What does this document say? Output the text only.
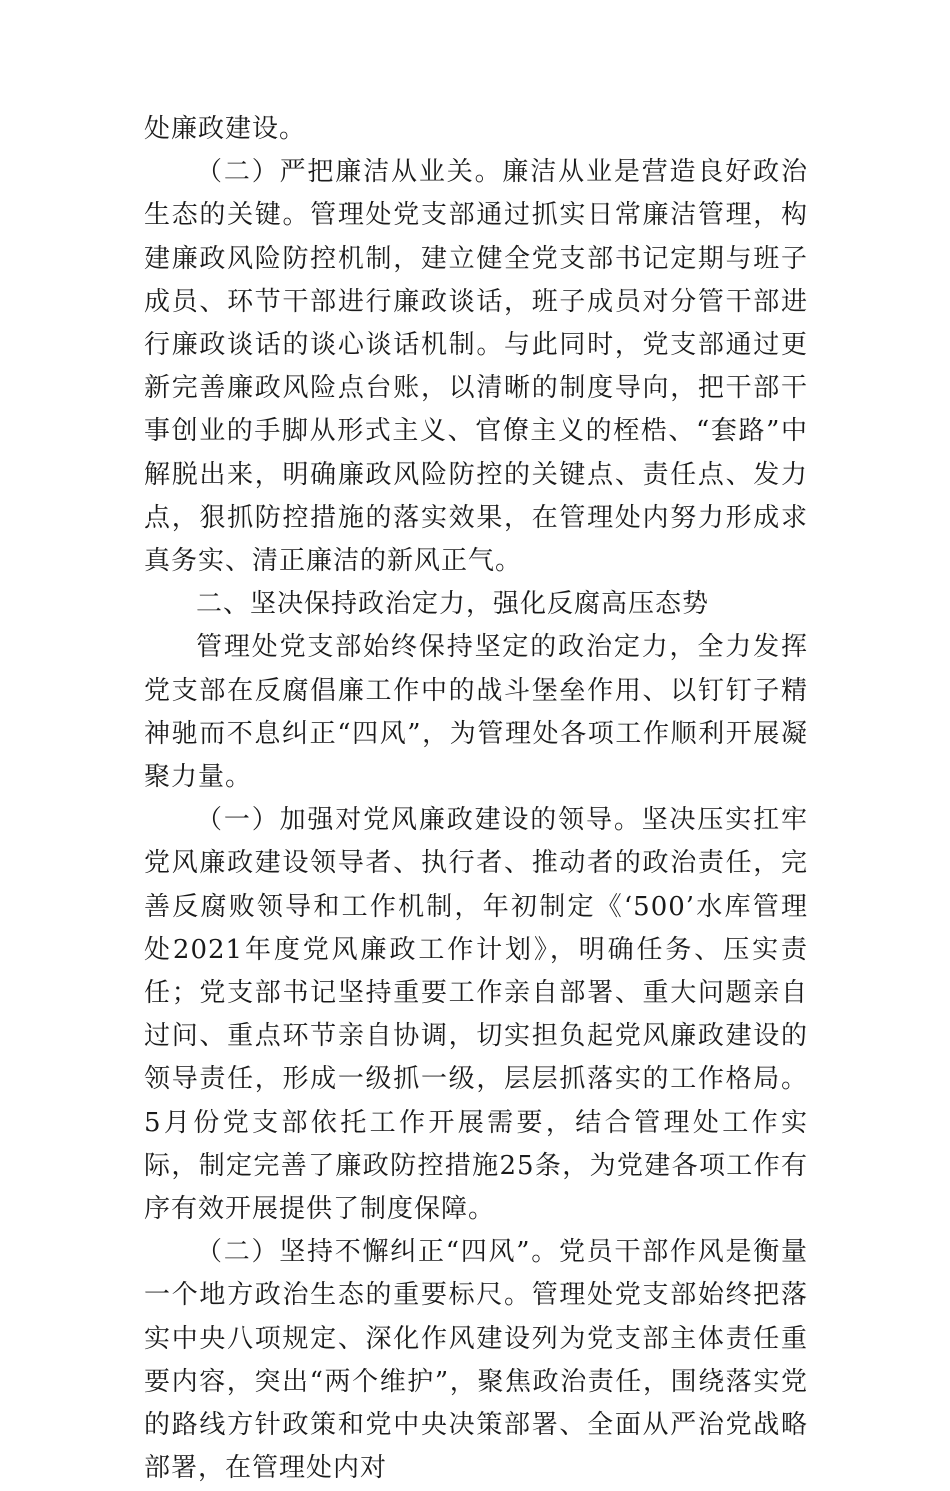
处廉政建设。

（二）严把廉洁从业关。廉洁从业是营造良好政治生态的关键。管理处党支部通过抓实日常廉洁管理，构建廉政风险防控机制，建立健全党支部书记定期与班子成员、环节干部进行廉政谈话，班子成员对分管干部进行廉政谈话的谈心谈话机制。与此同时，党支部通过更新完善廉政风险点台账，以清晰的制度导向，把干部干事创业的手脚从形式主义、官僚主义的桎梏、“套路”中解脱出来，明确廉政风险防控的关键点、责任点、发力点，狠抓防控措施的落实效果，在管理处内努力形成求真务实、清正廉洁的新风正气。

二、坚决保持政治定力，强化反腐高压态势

管理处党支部始终保持坚定的政治定力，全力发挥党支部在反腐倡廉工作中的战斗堡垒作用、以钉钉子精神驰而不息纠正“四风”，为管理处各项工作顺利开展凝聚力量。

（一）加强对党风廉政建设的领导。坚决压实扛牢党风廉政建设领导者、执行者、推动者的政治责任，完善反腐败领导和工作机制，年初制定《‘500’水库管理处2021年度党风廉政工作计划》，明确任务、压实责任；党支部书记坚持重要工作亲自部署、重大问题亲自过问、重点环节亲自协调，切实担负起党风廉政建设的领导责任，形成一级抓一级，层层抓落实的工作格局。5月份党支部依托工作开展需要，结合管理处工作实际，制定完善了廉政防控措施25条，为党建各项工作有序有效开展提供了制度保障。

（二）坚持不懈纠正“四风”。党员干部作风是衡量一个地方政治生态的重要标尺。管理处党支部始终把落实中央八项规定、深化作风建设列为党支部主体责任重要内容，突出“两个维护”，聚焦政治责任，围绕落实党的路线方针政策和党中央决策部署、全面从严治党战略部署，在管理处内对
